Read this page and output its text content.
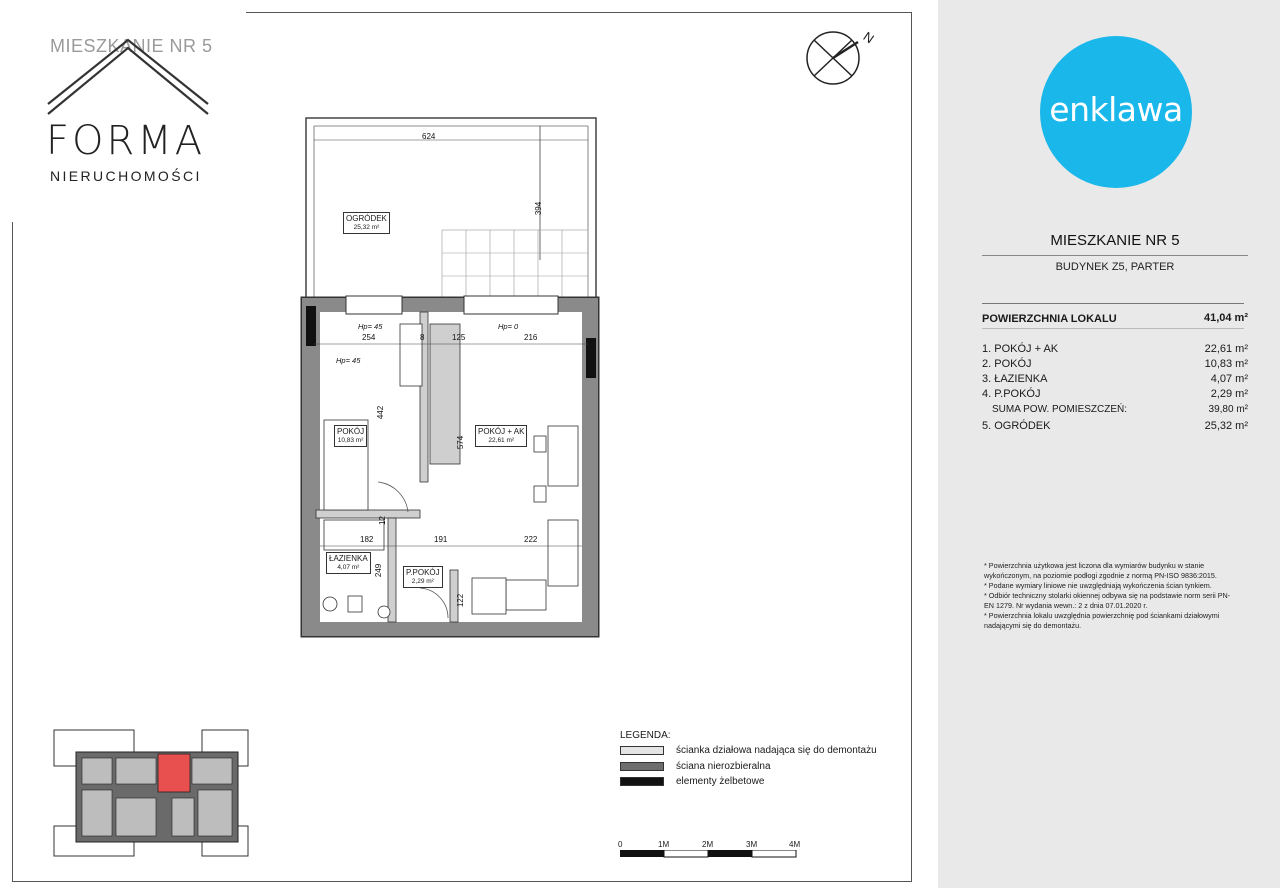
MIESZKANIE NR 5
FORMA
NIERUCHOMOŚCI
N
OGRÓDEK
25,32 m²
POKÓJ + AK
22,61 m²
POKÓJ
10,83 m²
ŁAZIENKA
4,07 m²
P.POKÓJ
2,29 m²
624
394
254	8	125	216
442
574
182	191	222
249
122
12
Hp= 45	Hp= 0
Hp= 45
LEGENDA:
ścianka działowa nadająca się do demontażu
ściana nierozbieralna
elementy żelbetowe
0	1M	2M	3M	4M
enklawa
MIESZKANIE NR 5
BUDYNEK Z5, PARTER
POWIERZCHNIA LOKALU	41,04 m²
1. POKÓJ + AK	22,61 m²
2. POKÓJ	10,83 m²
3. ŁAZIENKA	4,07 m²
4. P.POKÓJ	2,29 m²
SUMA POW. POMIESZCZEŃ:	39,80 m²
5. OGRÓDEK	25,32 m²
* Powierzchnia użytkowa jest liczona dla wymiarów budynku w stanie wykończonym, na poziomie podłogi zgodnie z normą PN-ISO 9836:2015.
* Podane wymiary liniowe nie uwzględniają wykończenia ścian tynkiem.
* Odbiór techniczny stolarki okiennej odbywa się na podstawie norm serii PN-EN 1279. Nr wydania wewn.: 2 z dnia 07.01.2020 r.
* Powierzchnia lokalu uwzględnia powierzchnię pod ściankami działowymi nadającymi się do demontażu.
